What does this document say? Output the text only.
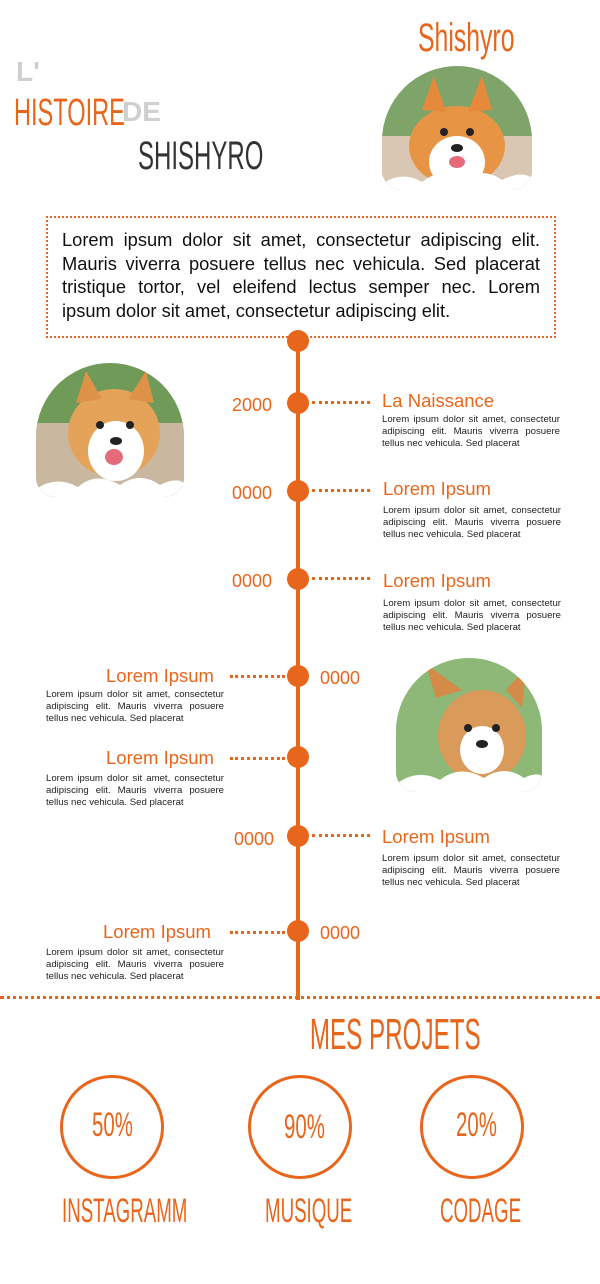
L'
HISTOIRE
DE
SHISHYRO
Shishyro

Lorem ipsum dolor sit amet, consectetur adipiscing elit. Mauris viverra posuere tellus nec vehicula. Sed placerat tristique tortor, vel eleifend lectus semper nec. Lorem ipsum dolor sit amet, consectetur adipiscing elit.

2000	La Naissance
Lorem ipsum dolor sit amet, consectetur adipiscing elit. Mauris viverra posuere tellus nec vehicula. Sed placerat
0000	Lorem Ipsum
Lorem ipsum dolor sit amet, consectetur adipiscing elit. Mauris viverra posuere tellus nec vehicula. Sed placerat
0000	Lorem Ipsum
Lorem ipsum dolor sit amet, consectetur adipiscing elit. Mauris viverra posuere tellus nec vehicula. Sed placerat
Lorem Ipsum	0000
Lorem ipsum dolor sit amet, consectetur adipiscing elit. Mauris viverra posuere tellus nec vehicula. Sed placerat
Lorem Ipsum
Lorem ipsum dolor sit amet, consectetur adipiscing elit. Mauris viverra posuere tellus nec vehicula. Sed placerat
0000	Lorem Ipsum
Lorem ipsum dolor sit amet, consectetur adipiscing elit. Mauris viverra posuere tellus nec vehicula. Sed placerat
Lorem Ipsum	0000
Lorem ipsum dolor sit amet, consectetur adipiscing elit. Mauris viverra posuere tellus nec vehicula. Sed placerat
MES PROJETS
50%
INSTAGRAMM
90%
MUSIQUE
20%
CODAGE
